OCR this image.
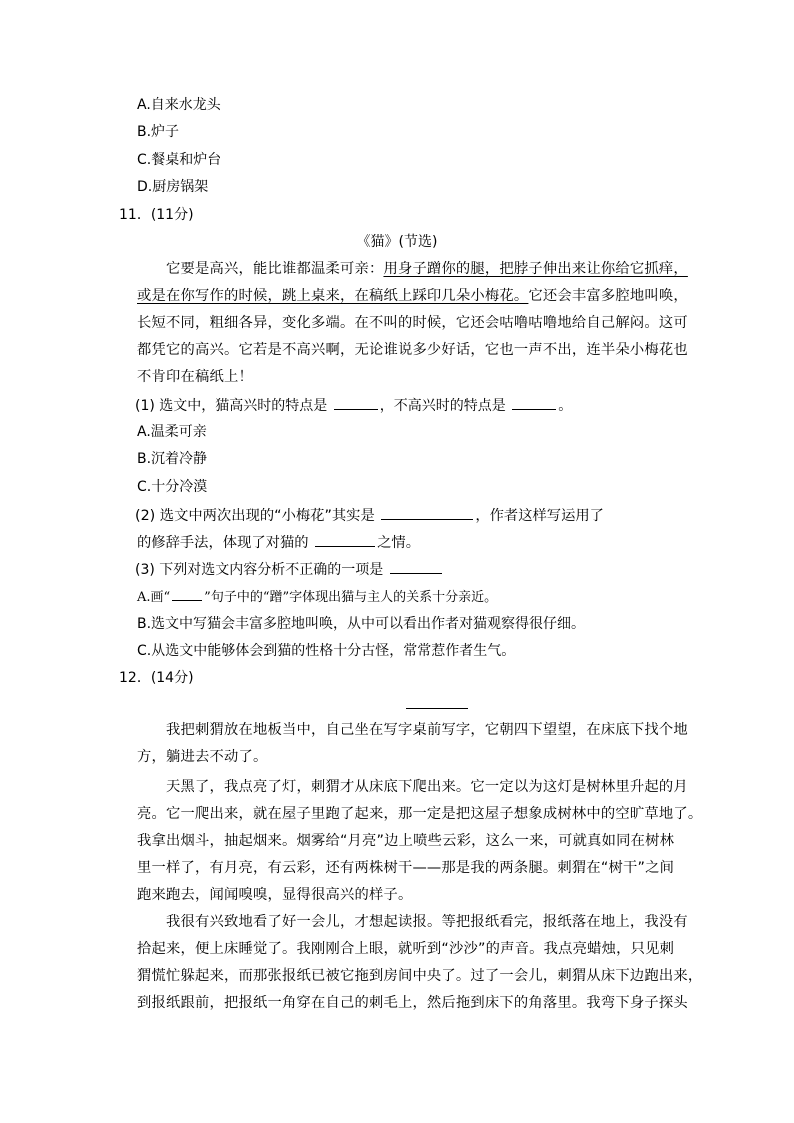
A.自来水龙头
B.炉子
C.餐桌和炉台
D.厨房锅架
11．(11分)
《猫》(节选)
它要是高兴，能比谁都温柔可亲：用身子蹭你的腿，把脖子伸出来让你给它抓痒，
或是在你写作的时候，跳上桌来，在稿纸上踩印几朵小梅花。它还会丰富多腔地叫唤，
长短不同，粗细各异，变化多端。在不叫的时候，它还会咕噜咕噜地给自己解闷。这可
都凭它的高兴。它若是不高兴啊，无论谁说多少好话，它也一声不出，连半朵小梅花也
不肯印在稿纸上！
(1) 选文中，猫高兴时的特点是	，不高兴时的特点是	。
A.温柔可亲
B.沉着冷静
C.十分冷漠
(2) 选文中两次出现的“小梅花”其实是	，作者这样写运用了
的修辞手法，体现了对猫的	之情。
(3) 下列对选文内容分析不正确的一项是
A.画“	”句子中的“蹭”字体现出猫与主人的关系十分亲近。
B.选文中写猫会丰富多腔地叫唤，从中可以看出作者对猫观察得很仔细。
C.从选文中能够体会到猫的性格十分古怪，常常惹作者生气。
12．(14分)
我把刺猬放在地板当中，自己坐在写字桌前写字，它朝四下望望，在床底下找个地
方，躺进去不动了。
天黑了，我点亮了灯，刺猬才从床底下爬出来。它一定以为这灯是树林里升起的月
亮。它一爬出来，就在屋子里跑了起来，那一定是把这屋子想象成树林中的空旷草地了。
我拿出烟斗，抽起烟来。烟雾给“月亮”边上喷些云彩，这么一来，可就真如同在树林
里一样了，有月亮，有云彩，还有两株树干——那是我的两条腿。刺猬在“树干”之间
跑来跑去，闻闻嗅嗅，显得很高兴的样子。
我很有兴致地看了好一会儿，才想起读报。等把报纸看完，报纸落在地上，我没有
拾起来，便上床睡觉了。我刚刚合上眼，就听到“沙沙”的声音。我点亮蜡烛，只见刺
猬慌忙躲起来，而那张报纸已被它拖到房间中央了。过了一会儿，刺猬从床下边跑出来，
到报纸跟前，把报纸一角穿在自己的刺毛上，然后拖到床下的角落里。我弯下身子探头
